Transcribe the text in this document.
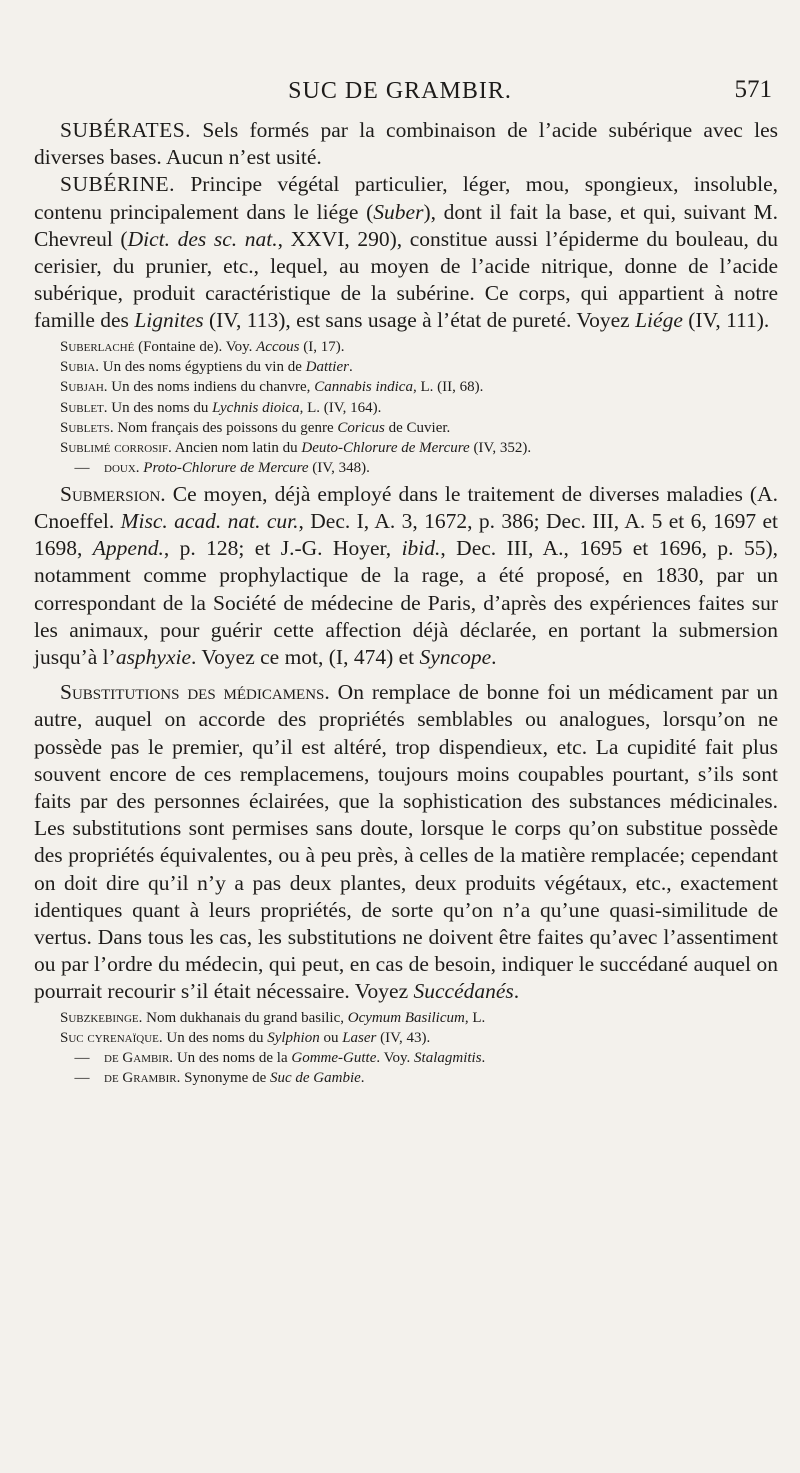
SUC DE GRAMBIR.	571

SUBÉRATES. Sels formés par la combinaison de l’acide subérique avec les diverses bases. Aucun n’est usité.

SUBÉRINE. Principe végétal particulier, léger, mou, spongieux, insoluble, contenu principalement dans le liége (Suber), dont il fait la base, et qui, suivant M. Chevreul (Dict. des sc. nat., XXVI, 290), constitue aussi l’épiderme du bouleau, du cerisier, du prunier, etc., lequel, au moyen de l’acide nitrique, donne de l’acide subérique, produit caractéristique de la subérine. Ce corps, qui appartient à notre famille des Lignites (IV, 113), est sans usage à l’état de pureté. Voyez Liége (IV, 111).

Suberlaché (Fontaine de). Voy. Accous (I, 17).

Subia. Un des noms égyptiens du vin de Dattier.

Subjah. Un des noms indiens du chanvre, Cannabis indica, L. (II, 68).

Sublet. Un des noms du Lychnis dioica, L. (IV, 164).

Sublets. Nom français des poissons du genre Coricus de Cuvier.

Sublimé corrosif. Ancien nom latin du Deuto-Chlorure de Mercure (IV, 352).

— doux. Proto-Chlorure de Mercure (IV, 348).

Submersion. Ce moyen, déjà employé dans le traitement de diverses maladies (A. Cnoeffel. Misc. acad. nat. cur., Dec. I, A. 3, 1672, p. 386; Dec. III, A. 5 et 6, 1697 et 1698, Append., p. 128; et J.-G. Hoyer, ibid., Dec. III, A., 1695 et 1696, p. 55), notamment comme prophylactique de la rage, a été proposé, en 1830, par un correspondant de la Société de médecine de Paris, d’après des expériences faites sur les animaux, pour guérir cette affection déjà déclarée, en portant la submersion jusqu’à l’asphyxie. Voyez ce mot, (I, 474) et Syncope.

Substitutions des médicamens. On remplace de bonne foi un médicament par un autre, auquel on accorde des propriétés semblables ou analogues, lorsqu’on ne possède pas le premier, qu’il est altéré, trop dispendieux, etc. La cupidité fait plus souvent encore de ces remplacemens, toujours moins coupables pourtant, s’ils sont faits par des personnes éclairées, que la sophistication des substances médicinales. Les substitutions sont permises sans doute, lorsque le corps qu’on substitue possède des propriétés équivalentes, ou à peu près, à celles de la matière remplacée; cependant on doit dire qu’il n’y a pas deux plantes, deux produits végétaux, etc., exactement identiques quant à leurs propriétés, de sorte qu’on n’a qu’une quasi-similitude de vertus. Dans tous les cas, les substitutions ne doivent être faites qu’avec l’assentiment ou par l’ordre du médecin, qui peut, en cas de besoin, indiquer le succédané auquel on pourrait recourir s’il était nécessaire. Voyez Succédanés.

Subzkebinge. Nom dukhanais du grand basilic, Ocymum Basilicum, L.

Suc cyrenaïque. Un des noms du Sylphion ou Laser (IV, 43).

— de Gambir. Un des noms de la Gomme-Gutte. Voy. Stalagmitis.

— de Grambir. Synonyme de Suc de Gambie.
